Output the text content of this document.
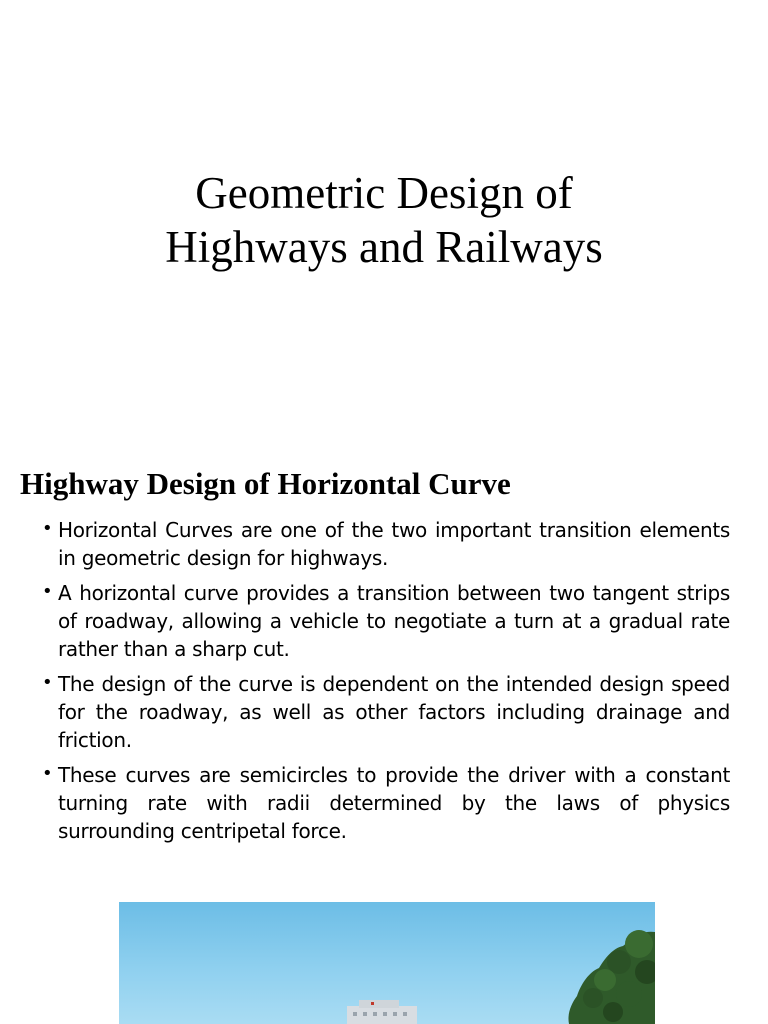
Geometric Design of
Highways and Railways
Highway Design of Horizontal Curve
• Horizontal Curves are one of the two important transition elements in geometric design for highways.
• A horizontal curve provides a transition between two tangent strips of roadway, allowing a vehicle to negotiate a turn at a gradual rate rather than a sharp cut.
• The design of the curve is dependent on the intended design speed for the roadway, as well as other factors including drainage and friction.
• These curves are semicircles to provide the driver with a constant turning rate with radii determined by the laws of physics surrounding centripetal force.
